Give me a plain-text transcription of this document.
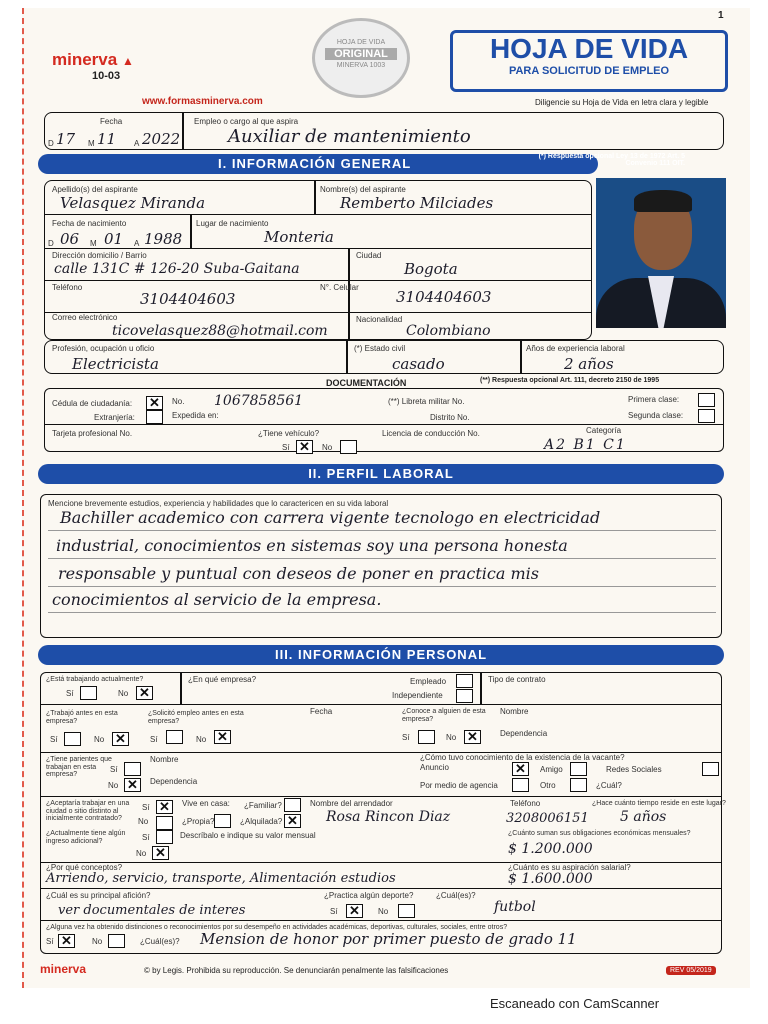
1
minerva ▲
10-03
www.formasminerva.com
HOJA DE VIDA
ORIGINAL
MINERVA 1003
HOJA DE VIDA
PARA SOLICITUD DE EMPLEO
Diligencie su Hoja de Vida en letra clara y legible
Fecha
D 17 M 11 A 2022
Empleo o cargo al que aspira
Auxiliar de mantenimiento
I. INFORMACIÓN GENERAL	(*) Respuesta opcional Ley 13 de 1972 Art. 5 Convenio 111 OIT.
Apellido(s) del aspirante
Velasquez Miranda
Nombre(s) del aspirante
Remberto Milciades
Fecha de nacimiento
D 06 M 01 A 1988
Lugar de nacimiento
Monteria
Dirección domicilio / Barrio
calle 131C # 126-20 Suba-Gaitana
Ciudad
Bogota
Teléfono
3104404603
N°. Celular
3104404603
Correo electrónico
ticovelasquez88@hotmail.com
Nacionalidad
Colombiano
Profesión, ocupación u oficio
Electricista
(*) Estado civil
casado
Años de experiencia laboral
2 años
DOCUMENTACIÓN	(**) Respuesta opcional Art. 111, decreto 2150 de 1995
Cédula de ciudadanía: ✕	No. 1067858561
Extranjería:	Expedida en:
(**) Libreta militar No.
Distrito No.
Primera clase:
Segunda clase:
Tarjeta profesional No.	¿Tiene vehículo?
Sí ✕	No
Licencia de conducción No.	Categoría
A2 B1 C1
II. PERFIL LABORAL
Mencione brevemente estudios, experiencia y habilidades que lo caractericen en su vida laboral
Bachiller academico con carrera vigente tecnologo en electricidad
industrial, conocimientos en sistemas soy una persona honesta
responsable y puntual con deseos de poner en practica mis
conocimientos al servicio de la empresa.
III. INFORMACIÓN PERSONAL
¿Está trabajando actualmente?
Sí	No ✕
¿En qué empresa?	Empleado
Independiente
Tipo de contrato
¿Trabajó antes en esta empresa?
Sí	No ✕
¿Solicitó empleo antes en esta empresa?
Sí	No ✕
Fecha	¿Conoce a alguien de esta empresa?
Sí	No ✕
Nombre
Dependencia
¿Tiene parientes que trabajan en esta empresa?
Sí
No ✕
Nombre
Dependencia
¿Cómo tuvo conocimiento de la existencia de la vacante?
Anuncio	✕	Amigo	Redes Sociales
Por medio de agencia	Otro	¿Cuál?
¿Aceptaría trabajar en una ciudad o sitio distinto al inicialmente contratado?
Sí ✕
No
Vive en casa: ¿Familiar?
¿Propia?	¿Alquilada? ✕
Nombre del arrendador
Rosa Rincon Diaz
Teléfono
3208006151
¿Hace cuánto tiempo reside en este lugar?
5 años
¿Actualmente tiene algún ingreso adicional?	Sí
No ✕
Descríbalo e indique su valor mensual	¿Cuánto suman sus obligaciones económicas mensuales?
$ 1.200.000
¿Por qué conceptos?
Arriendo, servicio, transporte, Alimentación estudios
¿Cuánto es su aspiración salarial?
$ 1.600.000
¿Cuál es su principal afición?
ver documentales de interes
¿Practica algún deporte?
Sí ✕	No
¿Cuál(es)?
futbol
¿Alguna vez ha obtenido distinciones o reconocimientos por su desempeño en actividades académicas, deportivas, culturales, sociales, entre otros?
Sí ✕	No	¿Cuál(es)? Mension de honor por primer puesto de grado 11
minerva	© by Legis. Prohibida su reproducción. Se denunciarán penalmente las falsificaciones	REV 05/2019
Escaneado con CamScanner
